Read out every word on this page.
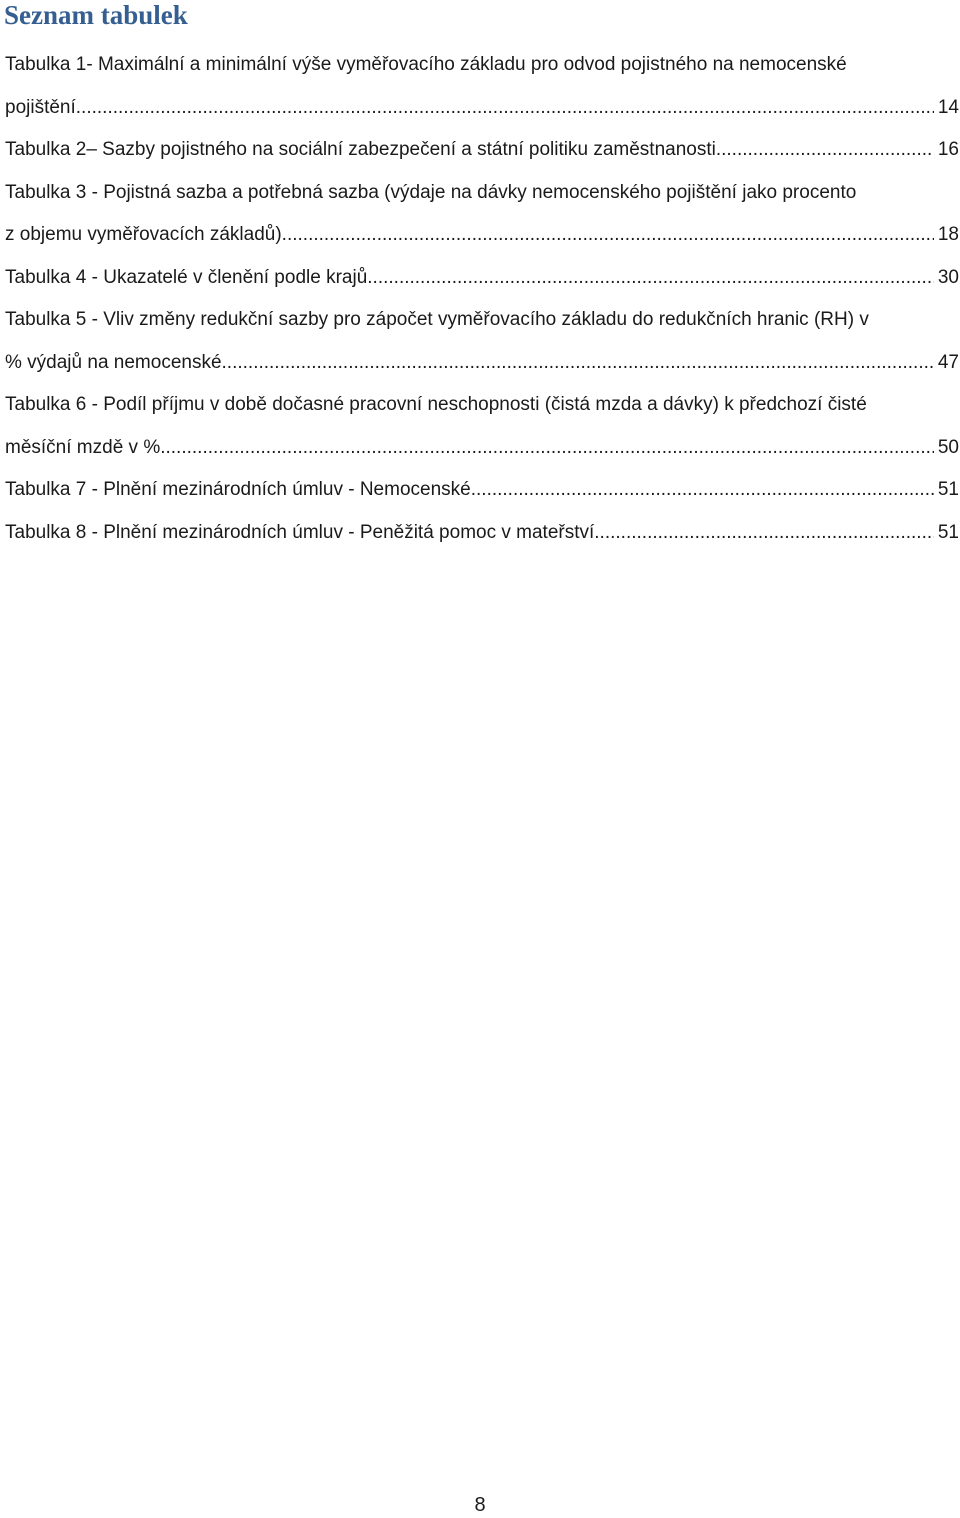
Seznam tabulek
Tabulka 1- Maximální a minimální výše vyměřovacího základu pro odvod pojistného na nemocenské
pojištění .....	14
Tabulka 2– Sazby pojistného na sociální zabezpečení a státní politiku zaměstnanosti .....	16
Tabulka 3 - Pojistná sazba a potřebná sazba (výdaje na dávky nemocenského pojištění jako procento
z objemu vyměřovacích základů) .....	18
Tabulka 4 - Ukazatelé v členění podle krajů .....	30
Tabulka 5 - Vliv změny redukční sazby pro zápočet vyměřovacího základu do redukčních hranic (RH) v
% výdajů na nemocenské .....	47
Tabulka 6 - Podíl příjmu v době dočasné pracovní neschopnosti (čistá mzda a dávky) k předchozí čisté
měsíční mzdě v % .....	50
Tabulka 7 - Plnění mezinárodních úmluv - Nemocenské .....	51
Tabulka 8 - Plnění mezinárodních úmluv - Peněžitá pomoc v mateřství .....	51
8
